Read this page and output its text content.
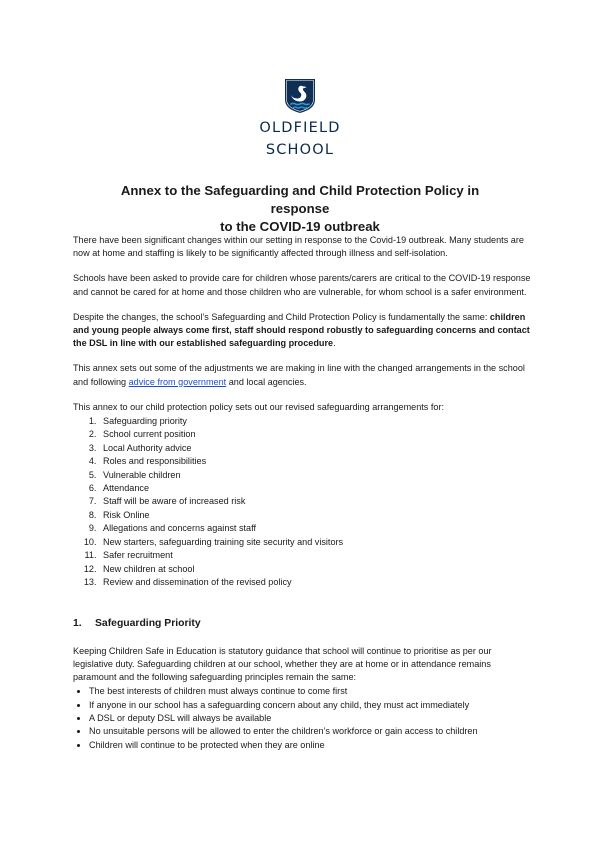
OLDFIELD
SCHOOL
Annex to the Safeguarding and Child Protection Policy in response
to the COVID-19 outbreak

There have been significant changes within our setting in response to the Covid-19 outbreak. Many students are now at home and staffing is likely to be significantly affected through illness and self-isolation.

Schools have been asked to provide care for children whose parents/carers are critical to the COVID-19 response and cannot be cared for at home and those children who are vulnerable, for whom school is a safer environment.

Despite the changes, the school’s Safeguarding and Child Protection Policy is fundamentally the same: children and young people always come first, staff should respond robustly to safeguarding concerns and contact the DSL in line with our established safeguarding procedure.

This annex sets out some of the adjustments we are making in line with the changed arrangements in the school and following advice from government and local agencies.

This annex to our child protection policy sets out our revised safeguarding arrangements for:

1. Safeguarding priority
2. School current position
3. Local Authority advice
4. Roles and responsibilities
5. Vulnerable children
6. Attendance
7. Staff will be aware of increased risk
8. Risk Online
9. Allegations and concerns against staff
10. New starters, safeguarding training site security and visitors
11. Safer recruitment
12. New children at school
13. Review and dissemination of the revised policy
1.	Safeguarding Priority

Keeping Children Safe in Education is statutory guidance that school will continue to prioritise as per our legislative duty. Safeguarding children at our school, whether they are at home or in attendance remains paramount and the following safeguarding principles remain the same:

• The best interests of children must always continue to come first
• If anyone in our school has a safeguarding concern about any child, they must act immediately
• A DSL or deputy DSL will always be available
• No unsuitable persons will be allowed to enter the children’s workforce or gain access to children
• Children will continue to be protected when they are online
